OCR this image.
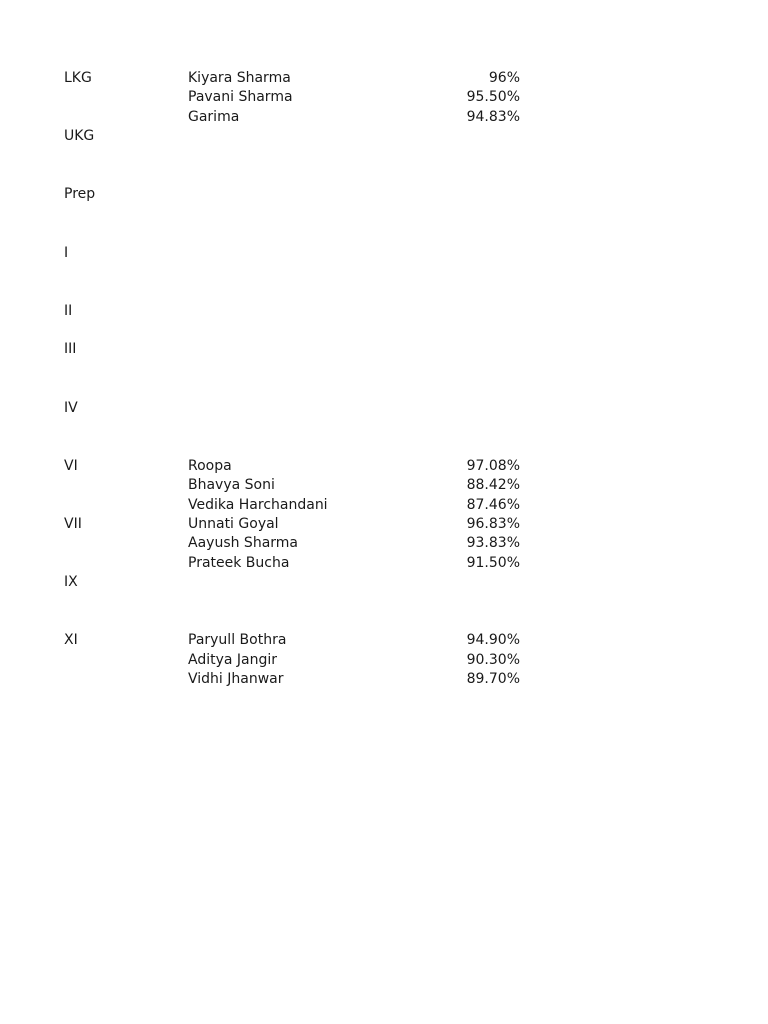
LKG	Kiyara Sharma	96%
Pavani Sharma	95.50%
Garima	94.83%
UKG
Prep
I
II
III
IV
VI	Roopa	97.08%
Bhavya Soni	88.42%
Vedika Harchandani	87.46%
VII	Unnati Goyal	96.83%
Aayush Sharma	93.83%
Prateek Bucha	91.50%
IX
XI	Paryull Bothra	94.90%
Aditya Jangir	90.30%
Vidhi Jhanwar	89.70%
